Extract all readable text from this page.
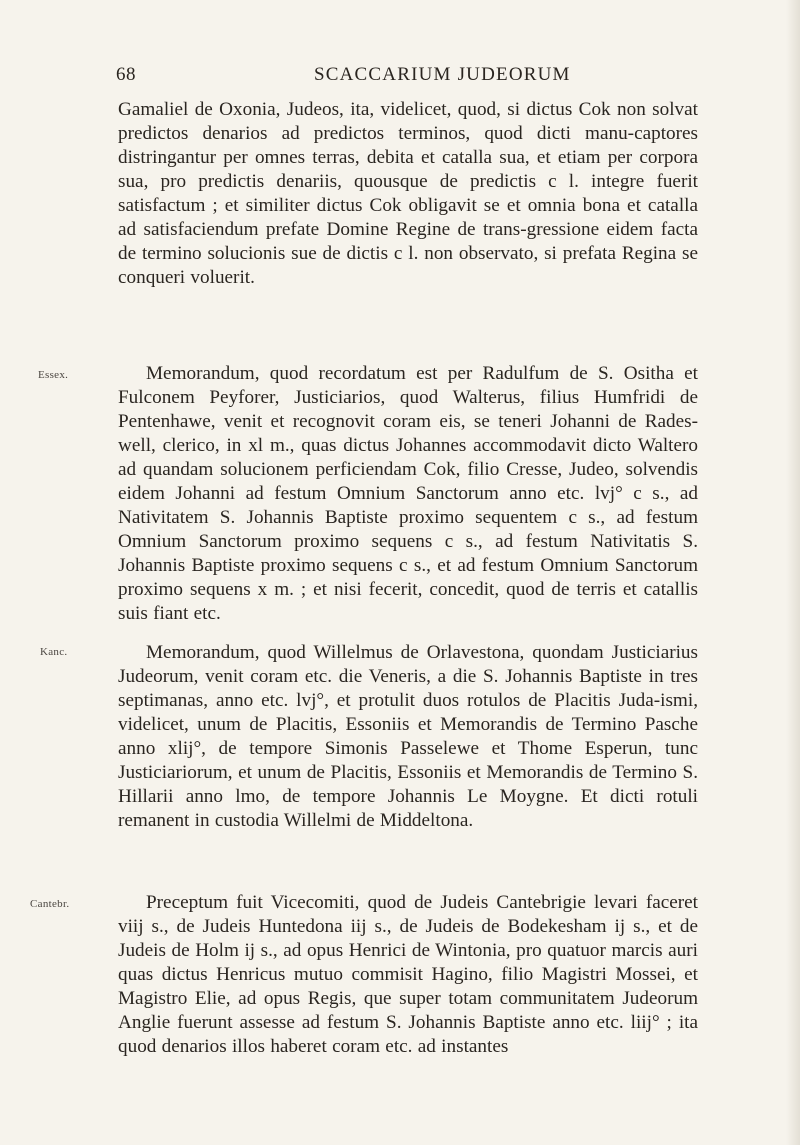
68	SCACCARIUM JUDEORUM

Gamaliel de Oxonia, Judeos, ita, videlicet, quod, si dictus Cok non solvat predictos denarios ad predictos terminos, quod dicti manu-captores distringantur per omnes terras, debita et catalla sua, et etiam per corpora sua, pro predictis denariis, quousque de predictis c l. integre fuerit satisfactum ; et similiter dictus Cok obligavit se et omnia bona et catalla ad satisfaciendum prefate Domine Regine de trans-gressione eidem facta de termino solucionis sue de dictis c l. non observato, si prefata Regina se conqueri voluerit.

Essex.	Memorandum, quod recordatum est per Radulfum de S. Ositha et Fulconem Peyforer, Justiciarios, quod Walterus, filius Humfridi de Pentenhawe, venit et recognovit coram eis, se teneri Johanni de Rades-well, clerico, in xl m., quas dictus Johannes accommodavit dicto Waltero ad quandam solucionem perficiendam Cok, filio Cresse, Judeo, solvendis eidem Johanni ad festum Omnium Sanctorum anno etc. lvj° c s., ad Nativitatem S. Johannis Baptiste proximo sequentem c s., ad festum Omnium Sanctorum proximo sequens c s., ad festum Nativitatis S. Johannis Baptiste proximo sequens c s., et ad festum Omnium Sanctorum proximo sequens x m. ; et nisi fecerit, concedit, quod de terris et catallis suis fiant etc.

Kanc.	Memorandum, quod Willelmus de Orlavestona, quondam Justiciarius Judeorum, venit coram etc. die Veneris, a die S. Johannis Baptiste in tres septimanas, anno etc. lvj°, et protulit duos rotulos de Placitis Juda-ismi, videlicet, unum de Placitis, Essoniis et Memorandis de Termino Pasche anno xlij°, de tempore Simonis Passelewe et Thome Esperun, tunc Justiciariorum, et unum de Placitis, Essoniis et Memorandis de Termino S. Hillarii anno lmo, de tempore Johannis Le Moygne. Et dicti rotuli remanent in custodia Willelmi de Middeltona.

Cantebr.	Preceptum fuit Vicecomiti, quod de Judeis Cantebrigie levari faceret viij s., de Judeis Huntedona iij s., de Judeis de Bodekesham ij s., et de Judeis de Holm ij s., ad opus Henrici de Wintonia, pro quatuor marcis auri quas dictus Henricus mutuo commisit Hagino, filio Magistri Mossei, et Magistro Elie, ad opus Regis, que super totam communitatem Judeorum Anglie fuerunt assesse ad festum S. Johannis Baptiste anno etc. liij° ; ita quod denarios illos haberet coram etc. ad instantes
